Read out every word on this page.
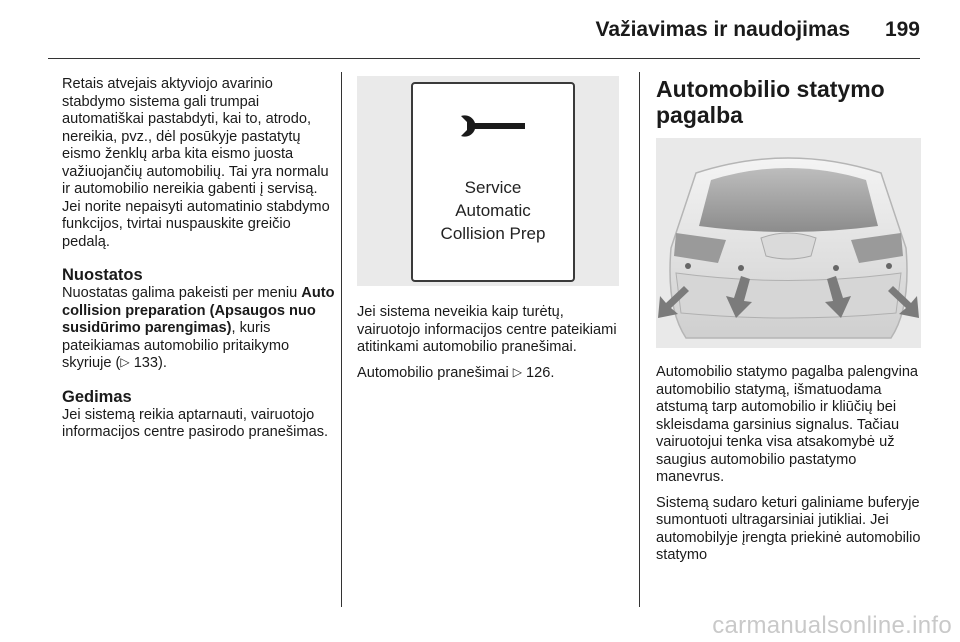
Važiavimas ir naudojimas 199

Retais atvejais aktyviojo avarinio stabdymo sistema gali trumpai automatiškai pastabdyti, kai to, atrodo, nereikia, pvz., dėl posūkyje pastatytų eismo ženklų arba kita eismo juosta važiuojančių automobilių. Tai yra normalu ir automobilio nereikia gabenti į servisą. Jei norite nepaisyti automatinio stabdymo funkcijos, tvirtai nuspauskite greičio pedalą.

Nuostatos

Nuostatas galima pakeisti per meniu Auto collision preparation (Apsaugos nuo susidūrimo parengimas), kuris pateikiamas automobilio pritaikymo skyriuje (▷ 133).

Gedimas

Jei sistemą reikia aptarnauti, vairuotojo informacijos centre pasirodo pranešimas.

Service
Automatic
Collision Prep

Jei sistema neveikia kaip turėtų, vairuotojo informacijos centre pateikiami atitinkami automobilio pranešimai.

Automobilio pranešimai ▷ 126.

Automobilio statymo pagalba

Automobilio statymo pagalba palengvina automobilio statymą, išmatuodama atstumą tarp automobilio ir kliūčių bei skleisdama garsinius signalus. Tačiau vairuotojui tenka visa atsakomybė už saugius automobilio pastatymo manevrus.

Sistemą sudaro keturi galiniame buferyje sumontuoti ultragarsiniai jutikliai. Jei automobilyje įrengta priekinė automobilio statymo

carmanualsonline.info
